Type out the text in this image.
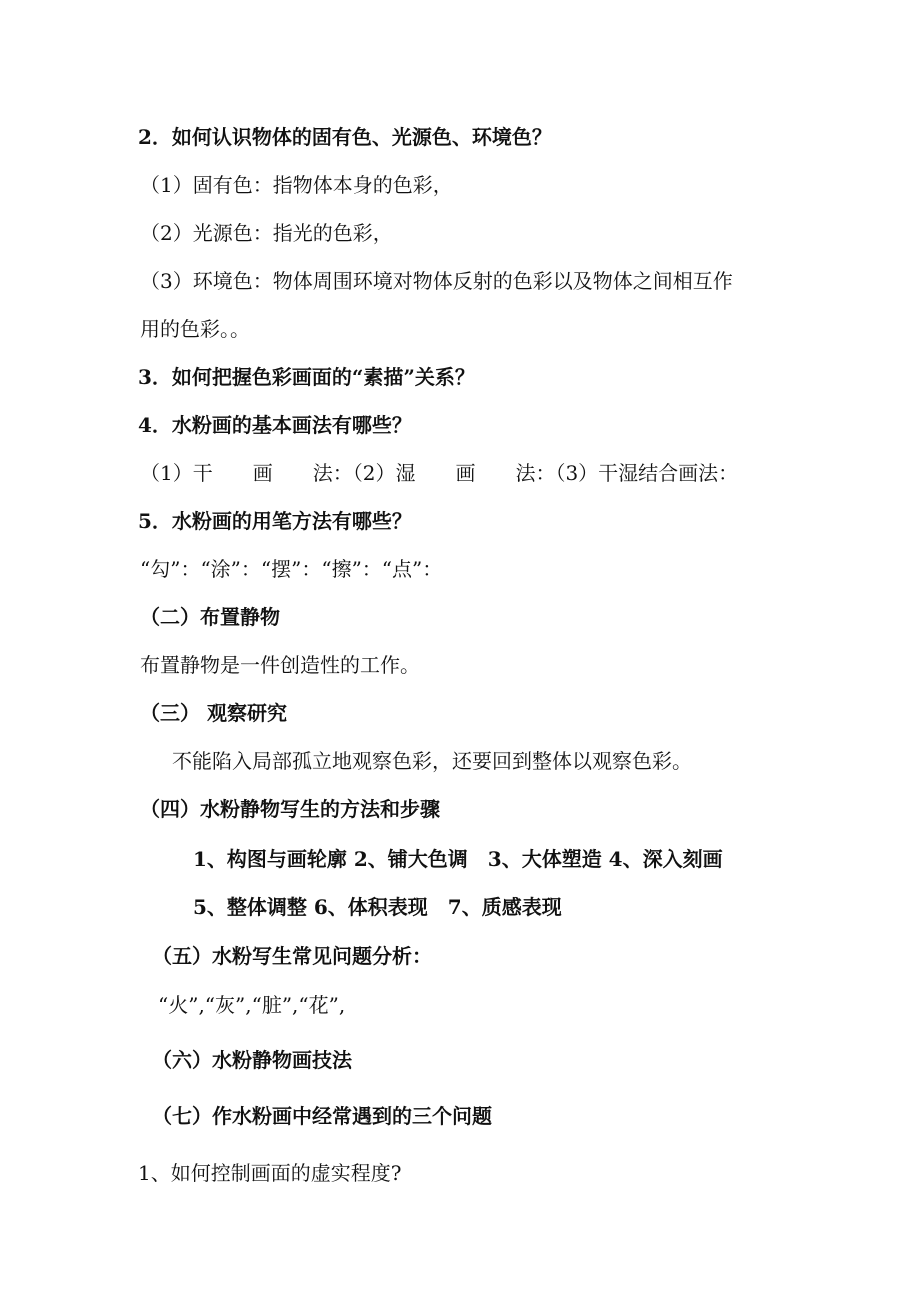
2．如何认识物体的固有色、光源色、环境色？
（1）固有色：指物体本身的色彩，
（2）光源色：指光的色彩，
（3）环境色：物体周围环境对物体反射的色彩以及物体之间相互作
用的色彩。。
3．如何把握色彩画面的“素描”关系？
4．水粉画的基本画法有哪些？
（1）干　　画　　法：（2）湿　　画　　法：（3）干湿结合画法：
5．水粉画的用笔方法有哪些？
“勾”：“涂”：“摆”：“擦”：“点”：
（二）布置静物
布置静物是一件创造性的工作。
（三） 观察研究
不能陷入局部孤立地观察色彩，还要回到整体以观察色彩。
（四）水粉静物写生的方法和步骤
1、构图与画轮廓 2、铺大色调　3、大体塑造 4、深入刻画
5、整体调整 6、体积表现　7、质感表现
（五）水粉写生常见问题分析：
“火”,“灰”,“脏”,“花”,
（六）水粉静物画技法
（七）作水粉画中经常遇到的三个问题
1、如何控制画面的虚实程度?
